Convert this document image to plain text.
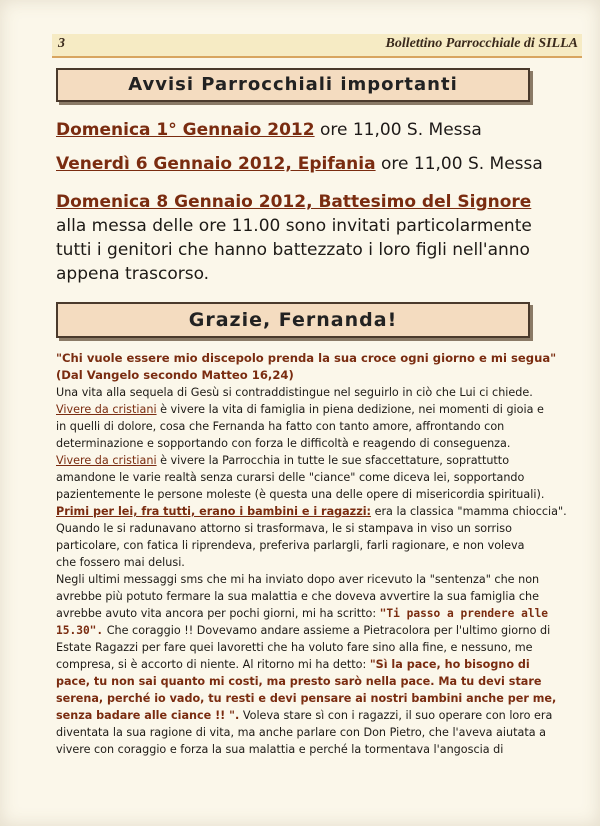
3	Bollettino Parrocchiale di SILLA
Avvisi Parrocchiali importanti
Domenica 1° Gennaio 2012 ore 11,00 S. Messa
Venerdì 6 Gennaio 2012, Epifania ore 11,00 S. Messa
Domenica 8 Gennaio 2012, Battesimo del Signore
alla messa delle ore 11.00 sono invitati particolarmente
tutti i genitori che hanno battezzato i loro figli nell'anno
appena trascorso.
Grazie, Fernanda!
"Chi vuole essere mio discepolo prenda la sua croce ogni giorno e mi segua"
(Dal Vangelo secondo Matteo 16,24)
Una vita alla sequela di Gesù si contraddistingue nel seguirlo in ciò che Lui ci chiede.
Vivere da cristiani è vivere la vita di famiglia in piena dedizione, nei momenti di gioia e
in quelli di dolore, cosa che Fernanda ha fatto con tanto amore, affrontando con
determinazione e sopportando con forza le difficoltà e reagendo di conseguenza.
Vivere da cristiani è vivere la Parrocchia in tutte le sue sfaccettature, soprattutto
amandone le varie realtà senza curarsi delle "ciance" come diceva lei, sopportando
pazientemente le persone moleste (è questa una delle opere di misericordia spirituali).
Primi per lei, fra tutti, erano i bambini e i ragazzi: era la classica "mamma chioccia".
Quando le si radunavano attorno si trasformava, le si stampava in viso un sorriso
particolare, con fatica li riprendeva, preferiva parlargli, farli ragionare, e non voleva
che fossero mai delusi.
Negli ultimi messaggi sms che mi ha inviato dopo aver ricevuto la "sentenza" che non
avrebbe più potuto fermare la sua malattia e che doveva avvertire la sua famiglia che
avrebbe avuto vita ancora per pochi giorni, mi ha scritto: "Ti passo a prendere alle
15.30". Che coraggio !! Dovevamo andare assieme a Pietracolora per l'ultimo giorno di
Estate Ragazzi per fare quei lavoretti che ha voluto fare sino alla fine, e nessuno, me
compresa, si è accorto di niente. Al ritorno mi ha detto: "Sì la pace, ho bisogno di
pace, tu non sai quanto mi costi, ma presto sarò nella pace. Ma tu devi stare
serena, perché io vado, tu resti e devi pensare ai nostri bambini anche per me,
senza badare alle ciance !! ". Voleva stare sì con i ragazzi, il suo operare con loro era
diventata la sua ragione di vita, ma anche parlare con Don Pietro, che l'aveva aiutata a
vivere con coraggio e forza la sua malattia e perché la tormentava l'angoscia di
